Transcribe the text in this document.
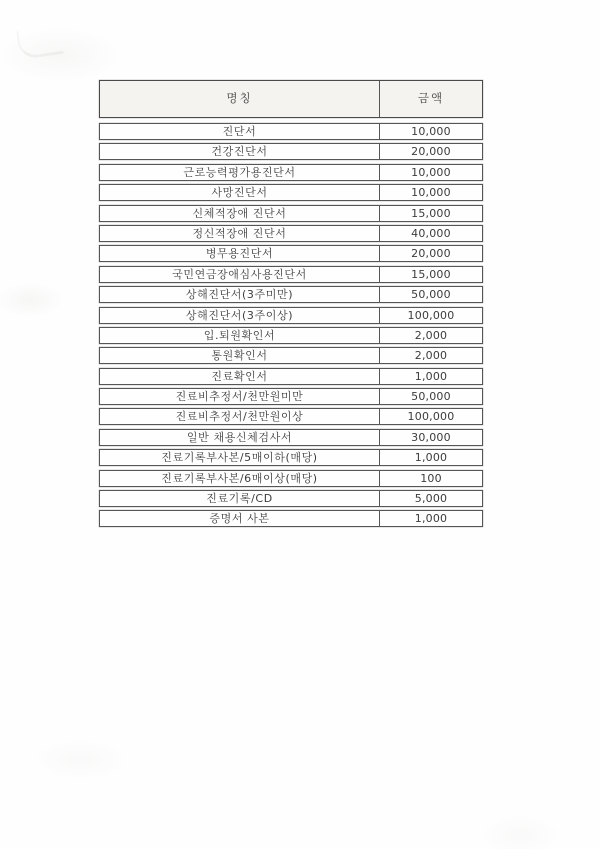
명칭	금액
진단서	10,000
건강진단서	20,000
근로능력평가용진단서	10,000
사망진단서	10,000
신체적장애 진단서	15,000
정신적장애 진단서	40,000
병무용진단서	20,000
국민연금장애심사용진단서	15,000
상해진단서(3주미만)	50,000
상해진단서(3주이상)	100,000
입.퇴원확인서	2,000
통원확인서	2,000
진료확인서	1,000
진료비추정서/천만원미만	50,000
진료비추정서/천만원이상	100,000
일반 채용신체검사서	30,000
진료기록부사본/5매이하(매당)	1,000
진료기록부사본/6매이상(매당)	100
진료기록/CD	5,000
증명서 사본	1,000
